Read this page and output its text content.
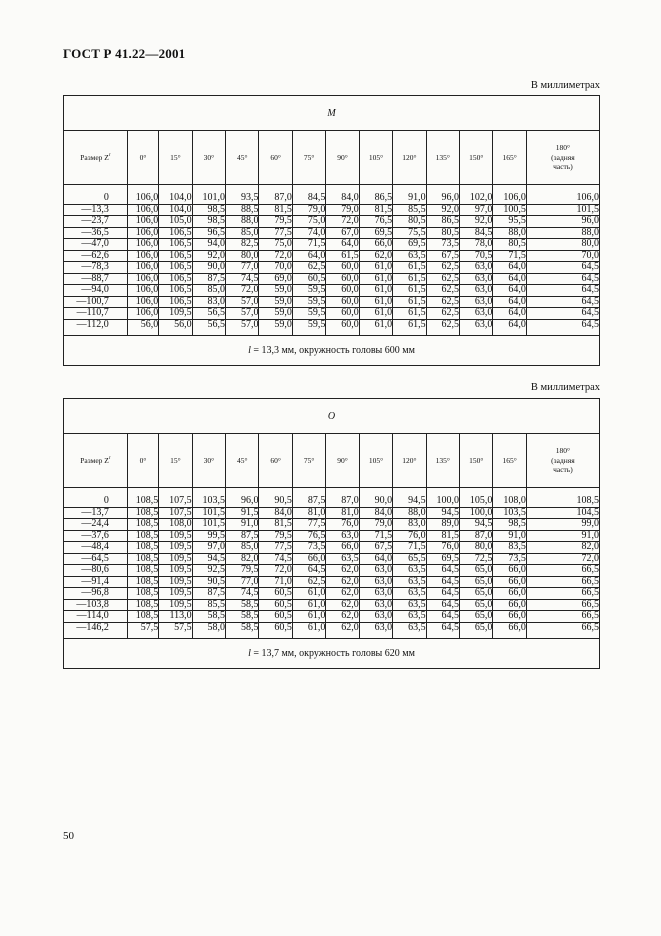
ГОСТ Р 41.22—2001
В миллиметрах
M													
Размер $Z^r$	0°	15°	30°	45°	60°	75°	90°	105°	120°	135°	150°	165°	180°
(задняя
часть)

0	106,0	104,0	101,0	93,5	87,0	84,5	84,0	86,5	91,0	96,0	102,0	106,0	106,0
—13,3	106,0	104,0	98,5	88,5	81,5	79,0	79,0	81,5	85,5	92,0	97,0	100,5	101,5
—23,7	106,0	105,0	98,5	88,0	79,5	75,0	72,0	76,5	80,5	86,5	92,0	95,5	96,0
—36,5	106,0	106,5	96,5	85,0	77,5	74,0	67,0	69,5	75,5	80,5	84,5	88,0	88,0
—47,0	106,0	106,5	94,0	82,5	75,0	71,5	64,0	66,0	69,5	73,5	78,0	80,5	80,0
—62,6	106,0	106,5	92,0	80,0	72,0	64,0	61,5	62,0	63,5	67,5	70,5	71,5	70,0
—78,3	106,0	106,5	90,0	77,0	70,0	62,5	60,0	61,0	61,5	62,5	63,0	64,0	64,5
—88,7	106,0	106,5	87,5	74,5	69,0	60,5	60,0	61,0	61,5	62,5	63,0	64,0	64,5
—94,0	106,0	106,5	85,0	72,0	59,0	59,5	60,0	61,0	61,5	62,5	63,0	64,0	64,5
—100,7	106,0	106,5	83,0	57,0	59,0	59,5	60,0	61,0	61,5	62,5	63,0	64,0	64,5
—110,7	106,0	109,5	56,5	57,0	59,0	59,5	60,0	61,0	61,5	62,5	63,0	64,0	64,5
—112,0	56,0	56,0	56,5	57,0	59,0	59,5	60,0	61,0	61,5	62,5	63,0	64,0	64,5
l = 13,3 мм, окружность головы 600 мм													
В миллиметрах
O													
Размер $Z^r$	0°	15°	30°	45°	60°	75°	90°	105°	120°	135°	150°	165°	180°
(задняя
часть)

0	108,5	107,5	103,5	96,0	90,5	87,5	87,0	90,0	94,5	100,0	105,0	108,0	108,5
—13,7	108,5	107,5	101,5	91,5	84,0	81,0	81,0	84,0	88,0	94,5	100,0	103,5	104,5
—24,4	108,5	108,0	101,5	91,0	81,5	77,5	76,0	79,0	83,0	89,0	94,5	98,5	99,0
—37,6	108,5	109,5	99,5	87,5	79,5	76,5	63,0	71,5	76,0	81,5	87,0	91,0	91,0
—48,4	108,5	109,5	97,0	85,0	77,5	73,5	66,0	67,5	71,5	76,0	80,0	83,5	82,0
—64,5	108,5	109,5	94,5	82,0	74,5	66,0	63,5	64,0	65,5	69,5	72,5	73,5	72,0
—80,6	108,5	109,5	92,5	79,5	72,0	64,5	62,0	63,0	63,5	64,5	65,0	66,0	66,5
—91,4	108,5	109,5	90,5	77,0	71,0	62,5	62,0	63,0	63,5	64,5	65,0	66,0	66,5
—96,8	108,5	109,5	87,5	74,5	60,5	61,0	62,0	63,0	63,5	64,5	65,0	66,0	66,5
—103,8	108,5	109,5	85,5	58,5	60,5	61,0	62,0	63,0	63,5	64,5	65,0	66,0	66,5
—114,0	108,5	113,0	58,5	58,5	60,5	61,0	62,0	63,0	63,5	64,5	65,0	66,0	66,5
—146,2	57,5	57,5	58,0	58,5	60,5	61,0	62,0	63,0	63,5	64,5	65,0	66,0	66,5
l = 13,7 мм, окружность головы 620 мм													
50
